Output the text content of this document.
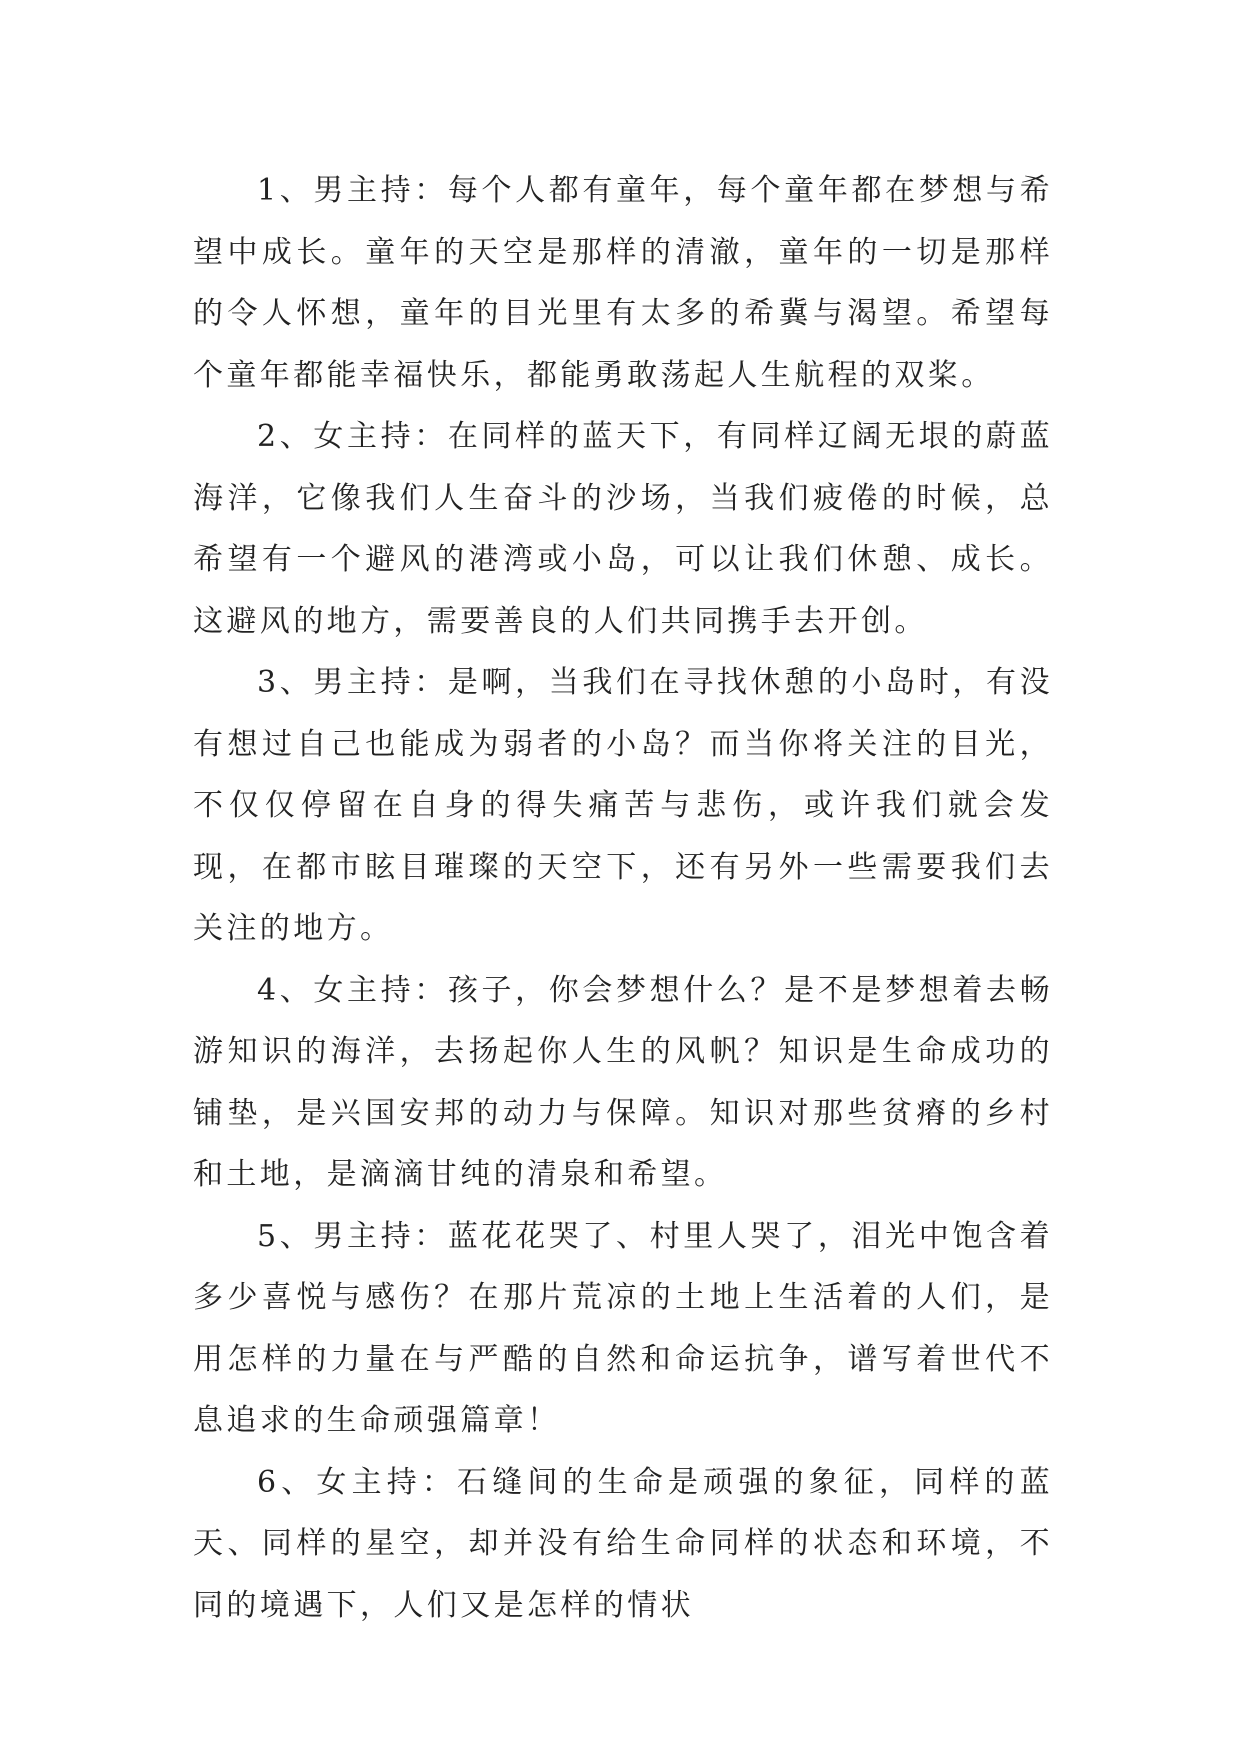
1、男主持：每个人都有童年，每个童年都在梦想与希望中成长。童年的天空是那样的清澈，童年的一切是那样的令人怀想，童年的目光里有太多的希冀与渴望。希望每个童年都能幸福快乐，都能勇敢荡起人生航程的双桨。

2、女主持：在同样的蓝天下，有同样辽阔无垠的蔚蓝海洋，它像我们人生奋斗的沙场，当我们疲倦的时候，总希望有一个避风的港湾或小岛，可以让我们休憩、成长。这避风的地方，需要善良的人们共同携手去开创。

3、男主持：是啊，当我们在寻找休憩的小岛时，有没有想过自己也能成为弱者的小岛？而当你将关注的目光，不仅仅停留在自身的得失痛苦与悲伤，或许我们就会发现，在都市眩目璀璨的天空下，还有另外一些需要我们去关注的地方。

4、女主持：孩子，你会梦想什么？是不是梦想着去畅游知识的海洋，去扬起你人生的风帆？知识是生命成功的铺垫，是兴国安邦的动力与保障。知识对那些贫瘠的乡村和土地，是滴滴甘纯的清泉和希望。

5、男主持：蓝花花哭了、村里人哭了，泪光中饱含着多少喜悦与感伤？在那片荒凉的土地上生活着的人们，是用怎样的力量在与严酷的自然和命运抗争，谱写着世代不息追求的生命顽强篇章！

6、女主持：石缝间的生命是顽强的象征，同样的蓝天、同样的星空，却并没有给生命同样的状态和环境，不同的境遇下，人们又是怎样的情状
